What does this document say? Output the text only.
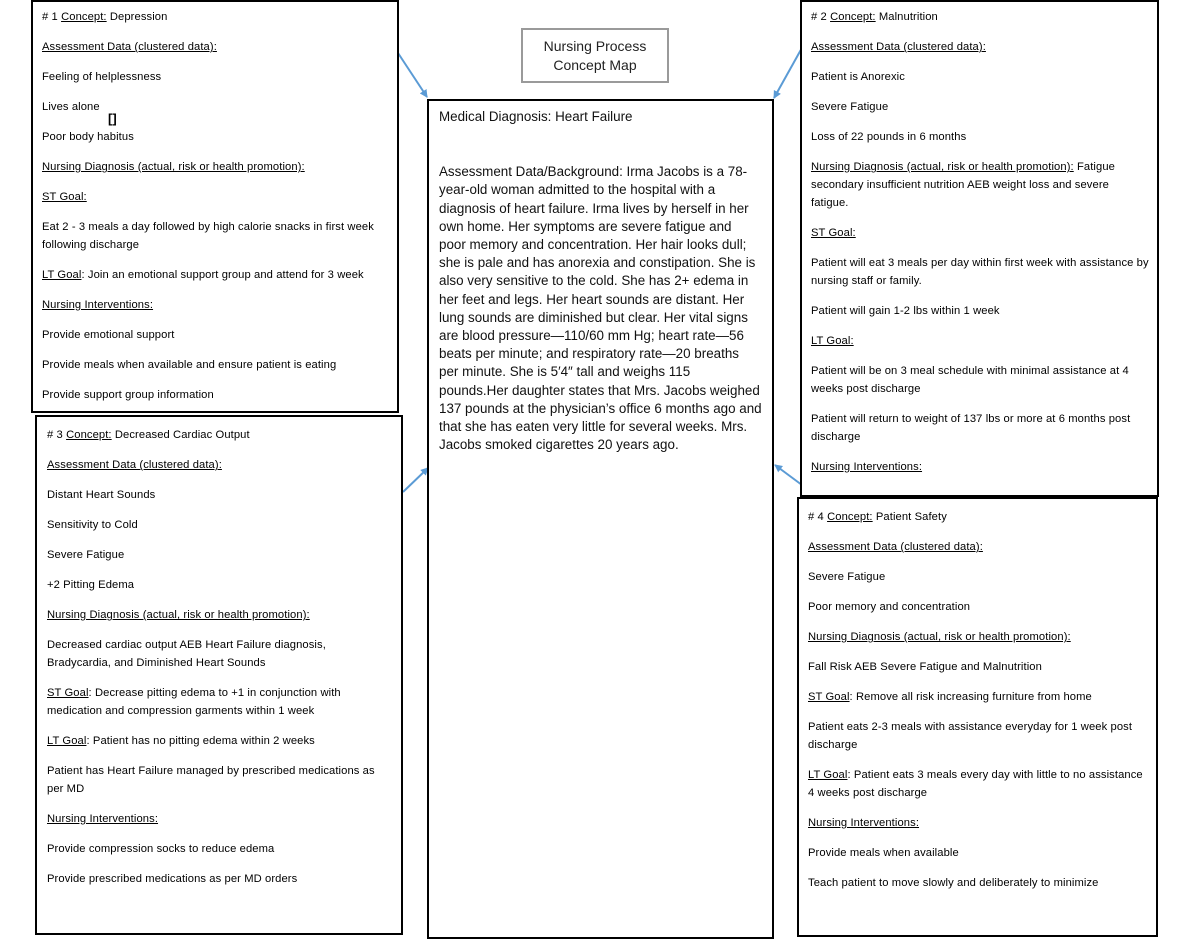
Nursing Process
Concept Map

Medical Diagnosis: Heart Failure

Assessment Data/Background: Irma Jacobs is a 78-year-old woman admitted to the hospital with a diagnosis of heart failure. Irma lives by herself in her own home. Her symptoms are severe fatigue and poor memory and concentration. Her hair looks dull; she is pale and has anorexia and constipation. She is also very sensitive to the cold. She has 2+ edema in her feet and legs. Her heart sounds are distant. Her lung sounds are diminished but clear. Her vital signs are blood pressure—110/60 mm Hg; heart rate—56 beats per minute; and respiratory rate—20 breaths per minute. She is 5′4″ tall and weighs 115 pounds.Her daughter states that Mrs. Jacobs weighed 137 pounds at the physician’s office 6 months ago and that she has eaten very little for several weeks. Mrs. Jacobs smoked cigarettes 20 years ago.

# 1 Concept: Depression

Assessment Data (clustered data):

Feeling of helplessness

Lives alone

Poor body habitus

Nursing Diagnosis (actual, risk or health promotion):

ST Goal:

Eat 2 - 3 meals a day followed by high calorie snacks in first week following discharge

LT Goal: Join an emotional support group and attend for 3 week

Nursing Interventions:

Provide emotional support

Provide meals when available and ensure patient is eating

Provide support group information

[]

# 2 Concept: Malnutrition

Assessment Data (clustered data):

Patient is Anorexic

Severe Fatigue

Loss of 22 pounds in 6 months

Nursing Diagnosis (actual, risk or health promotion): Fatigue secondary insufficient nutrition AEB weight loss and severe fatigue.

ST Goal:

Patient will eat 3 meals per day within first week with assistance by nursing staff or family.

Patient will gain 1-2 lbs within 1 week

LT Goal:

Patient will be on 3 meal schedule with minimal assistance at 4 weeks post discharge

Patient will return to weight of 137 lbs or more at 6 months post discharge

Nursing Interventions:

# 3 Concept: Decreased Cardiac Output

Assessment Data (clustered data):

Distant Heart Sounds

Sensitivity to Cold

Severe Fatigue

+2 Pitting Edema

Nursing Diagnosis (actual, risk or health promotion):

Decreased cardiac output AEB Heart Failure diagnosis, Bradycardia, and Diminished Heart Sounds

ST Goal: Decrease pitting edema to +1 in conjunction with medication and compression garments within 1 week

LT Goal: Patient has no pitting edema within 2 weeks

Patient has Heart Failure managed by prescribed medications as per MD

Nursing Interventions:

Provide compression socks to reduce edema

Provide prescribed medications as per MD orders

# 4 Concept: Patient Safety

Assessment Data (clustered data):

Severe Fatigue

Poor memory and concentration

Nursing Diagnosis (actual, risk or health promotion):

Fall Risk AEB Severe Fatigue and Malnutrition

ST Goal: Remove all risk increasing furniture from home

Patient eats 2-3 meals with assistance everyday for 1 week post discharge

LT Goal: Patient eats 3 meals every day with little to no assistance 4 weeks post discharge

Nursing Interventions:

Provide meals when available

Teach patient to move slowly and deliberately to minimize
